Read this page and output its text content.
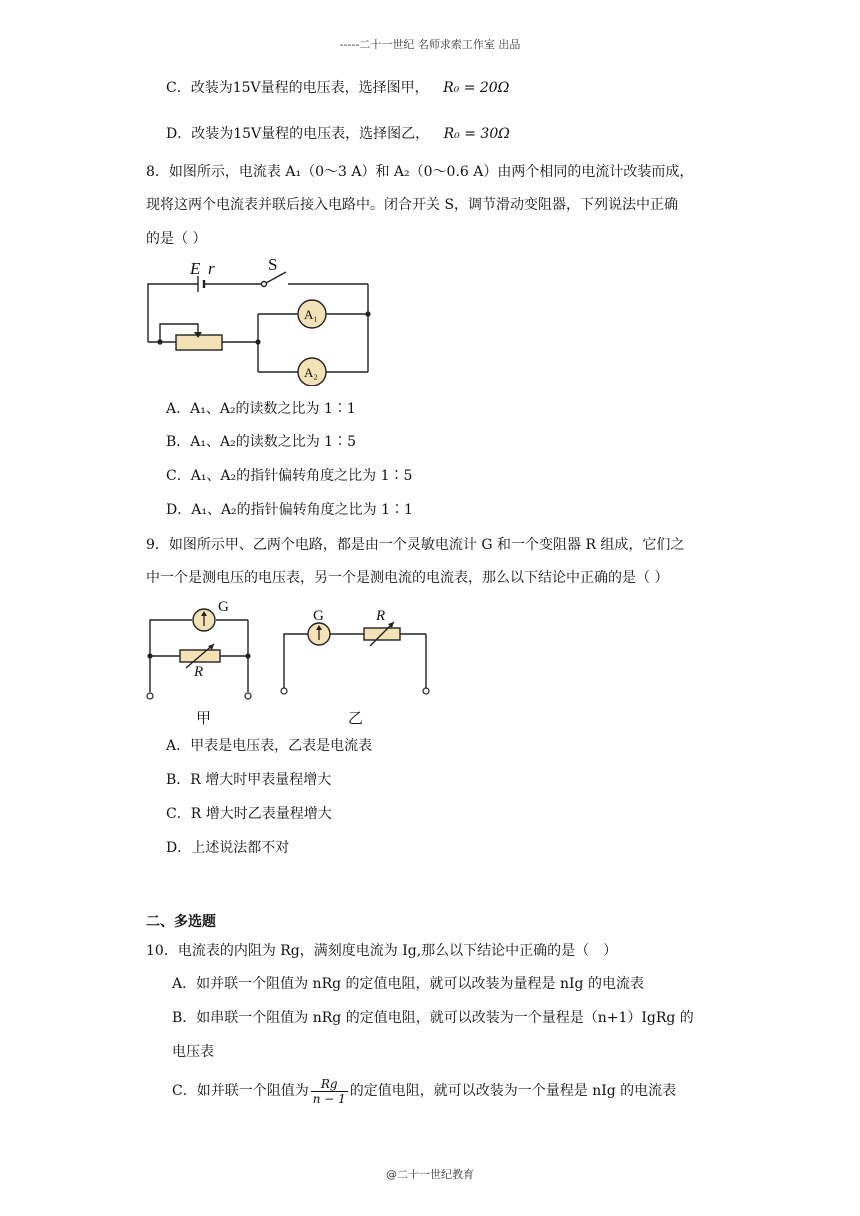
-----二十一世纪 名师求索工作室 出品
C．改装为15V量程的电压表，选择图甲， R₀ = 20Ω
D．改装为15V量程的电压表，选择图乙， R₀ = 30Ω
8．如图所示，电流表 A₁（0～3 A）和 A₂（0～0.6 A）由两个相同的电流计改装而成，
现将这两个电流表并联后接入电路中。闭合开关 S，调节滑动变阻器，下列说法中正确
的是（ ）
E r	S
A₁
A₂
A．A₁、A₂的读数之比为 1∶1
B．A₁、A₂的读数之比为 1∶5
C．A₁、A₂的指针偏转角度之比为 1∶5
D．A₁、A₂的指针偏转角度之比为 1∶1
9．如图所示甲、乙两个电路，都是由一个灵敏电流计 G 和一个变阻器 R 组成，它们之
中一个是测电压的电压表，另一个是测电流的电流表，那么以下结论中正确的是（ ）
G
G
R
R
甲	乙
A．甲表是电压表，乙表是电流表
B．R 增大时甲表量程增大
C．R 增大时乙表量程增大
D．上述说法都不对
二、多选题
10．电流表的内阻为 Rg，满刻度电流为 Ig,那么以下结论中正确的是（　）
A．如并联一个阻值为 nRg 的定值电阻，就可以改装为量程是 nIg 的电流表
B．如串联一个阻值为 nRg 的定值电阻，就可以改装为一个量程是（n+1）IgRg 的
电压表
C．如并联一个阻值为 $\frac{Rg}{n - 1}$ 的定值电阻，就可以改装为一个量程是 nIg 的电流表
@二十一世纪教育
